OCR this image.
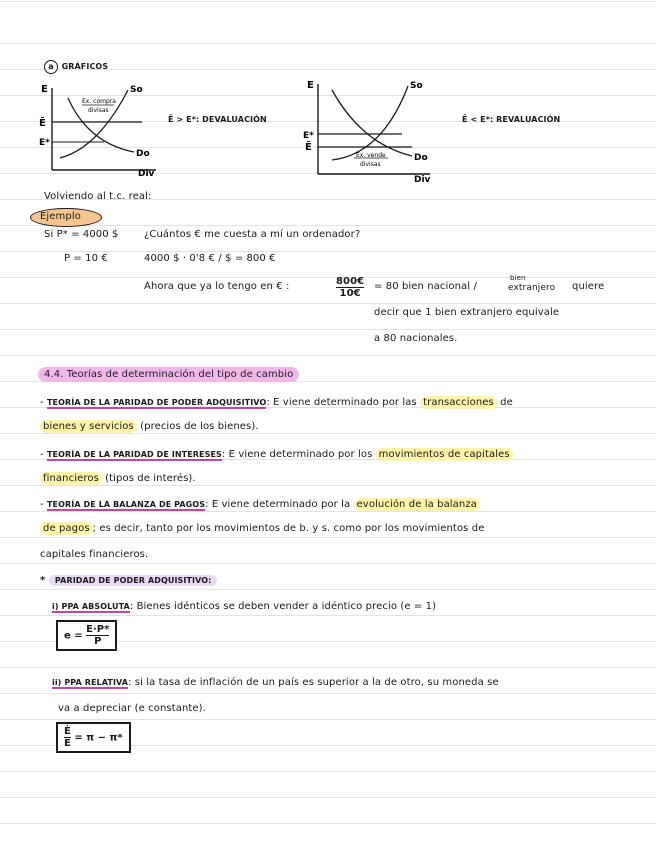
a GRÁFICOS
E
Ē
E*
So
Do
Div
Ex. compra
divisas
Ē > E*: DEVALUACIÓN
E
E*
Ē
So
Do
Div
Ex. vende
divisas
Ē < E*: REVALUACIÓN
Volviendo al t.c. real:
Ejemplo
Si P* = 4000 $	¿Cuántos € me cuesta a mí un ordenador?
P = 10 €	4000 $ · 0'8 € / $ = 800 €
Ahora que ya lo tengo en € :	$\frac{800€}{10€} = 80$ bien nacional /
bien
extranjero quiere
decir que 1 bien extranjero equivale
a 80 nacionales.
4.4. Teorías de determinación del tipo de cambio
- TEORÍA DE LA PARIDAD DE PODER ADQUISITIVO: E viene determinado por las transacciones de
bienes y servicios (precios de los bienes).
- TEORÍA DE LA PARIDAD DE INTERESES: E viene determinado por los movimientos de capitales
financieros (tipos de interés).
- TEORÍA DE LA BALANZA DE PAGOS: E viene determinado por la evolución de la balanza
de pagos ; es decir, tanto por los movimientos de b. y s. como por los movimientos de
capitales financieros.
* PARIDAD DE PODER ADQUISITIVO:
i) PPA ABSOLUTA: Bienes idénticos se deben vender a idéntico precio (e = 1)
$e = \frac{E\cdot P*}{P}$
ii) PPA RELATIVA: si la tasa de inflación de un país es superior a la de otro, su moneda se
va a depreciar (e constante).
$\frac{Ė}{E} = \pi - \pi*$
